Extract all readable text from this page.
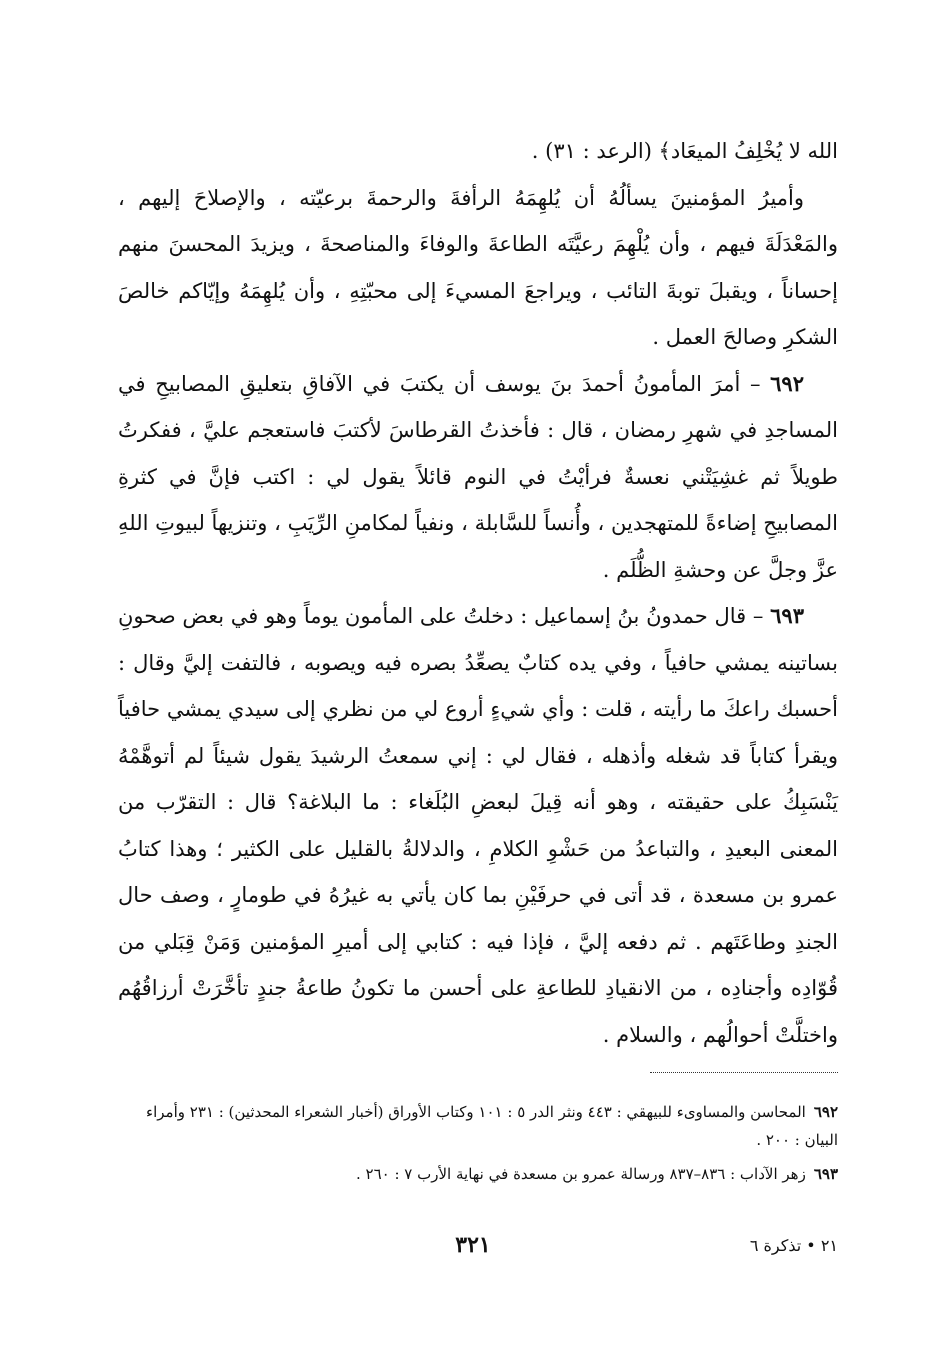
الله لا يُخْلِفُ الميعَاد﴾ (الرعد : ٣١) .

وأميرُ المؤمنينَ يسألُهُ أن يُلهِمَهُ الرأفةَ والرحمةَ برعيّته ، والإصلاحَ إليهم ، والمَعْدَلَةَ فيهم ، وأن يُلْهِمَ رعيَّتَه الطاعةَ والوفاءَ والمناصحةَ ، ويزيدَ المحسنَ منهم إحساناً ، ويقبلَ توبةَ التائب ، ويراجعَ المسيءَ إلى محبّتِهِ ، وأن يُلهِمَهُ وإيّاكم خالصَ الشكرِ وصالحَ العمل .

٦٩٢ – أمرَ المأمونُ أحمدَ بنَ يوسف أن يكتبَ في الآفاقِ بتعليقِ المصابيحِ في المساجدِ في شهرِ رمضان ، قال : فأخذتُ القرطاسَ لأكتبَ فاستعجم عليَّ ، ففكرتُ طويلاً ثم غشِيَتْني نعسةٌ فرأيْتُ في النوم قائلاً يقول لي : اكتب فإنَّ في كثرةِ المصابيحِ إضاءةً للمتهجدين ، وأُنساً للسَّابلة ، ونفياً لمكامنِ الرِّيَبِ ، وتنزيهاً لبيوتِ اللهِ عزَّ وجلَّ عن وحشةِ الظُّلَم .

٦٩٣ – قال حمدونُ بنُ إسماعيل : دخلتُ على المأمون يوماً وهو في بعض صحونِ بساتينه يمشي حافياً ، وفي يده كتابٌ يصعِّدُ بصره فيه ويصوبه ، فالتفت إليَّ وقال : أحسبك راعكَ ما رأيته ، قلت : وأي شيءٍ أروع لي من نظري إلى سيدي يمشي حافياً ويقرأ كتاباً قد شغله وأذهله ، فقال لي : إني سمعتُ الرشيدَ يقول شيئاً لم أتوهَّمْهُ يَنْسَبِكُ على حقيقته ، وهو أنه قِيلَ لبعضِ البُلَغاء : ما البلاغة؟ قال : التقرّب من المعنى البعيدِ ، والتباعدُ من حَشْوِ الكلامِ ، والدلالةُ بالقليل على الكثير ؛ وهذا كتابُ عمرو بن مسعدة ، قد أتى في حرفَيْنِ بما كان يأتي به غيرُهُ في طومارٍ ، وصف حال الجندِ وطاعَتَهم . ثم دفعه إليَّ ، فإذا فيه : كتابي إلى أميرِ المؤمنين وَمَنْ قِبَلي من قُوّادِه وأجنادِه ، من الانقيادِ للطاعةِ على أحسن ما تكونُ طاعةُ جندٍ تأخَّرَتْ أرزاقُهُم واختلَّتْ أحوالُهم ، والسلام .

٦٩٢المحاسن والمساوىء للبيهقي : ٤٤٣ ونثر الدر ٥ : ١٠١ وكتاب الأوراق (أخبار الشعراء المحدثين) : ٢٣١ وأمراء البيان : ٢٠٠ .

٦٩٣زهر الآداب : ٨٣٦–٨٣٧ ورسالة عمرو بن مسعدة في نهاية الأرب ٧ : ٢٦٠ .

٣٢١	٢١ • تذكرة ٦
